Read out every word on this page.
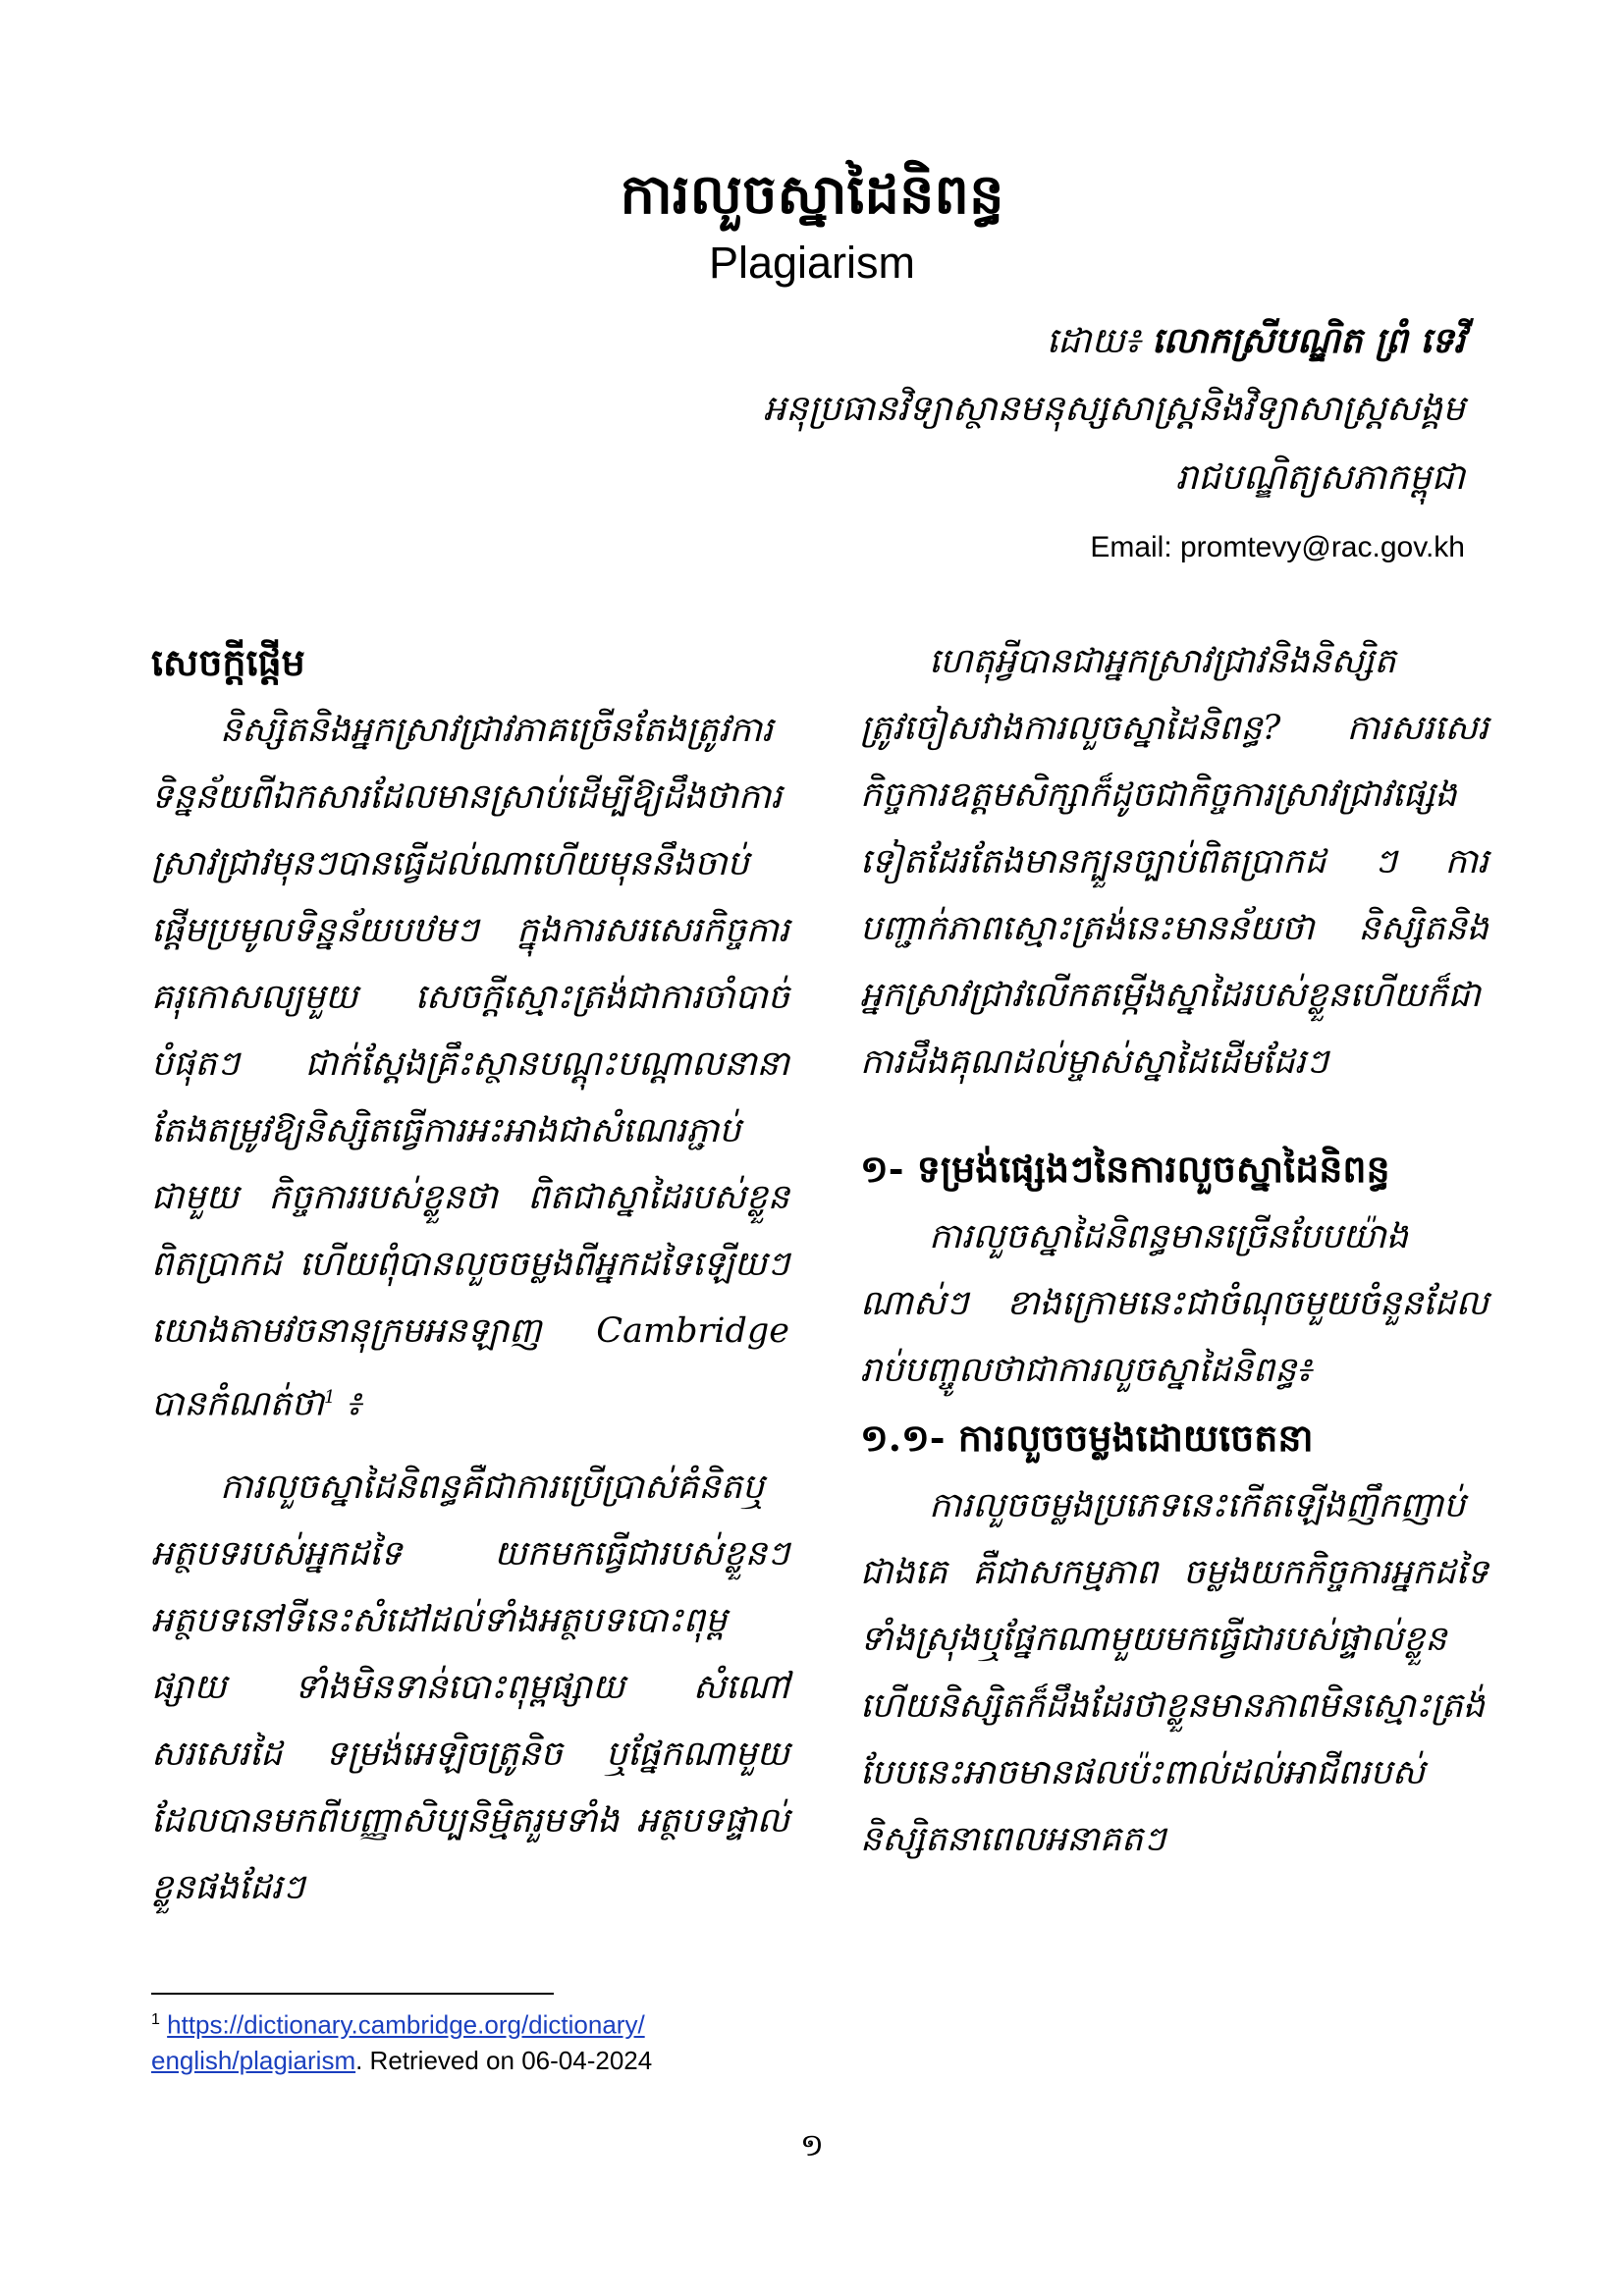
ការលួចស្នាដៃនិពន្ធ
Plagiarism
ដោយ៖ លោកស្រីបណ្ឌិត ព្រំ ទេវី
អនុប្រធានវិទ្យាស្ថានមនុស្សសាស្ត្រនិងវិទ្យាសាស្ត្រសង្គម
រាជបណ្ឌិត្យសភាកម្ពុជា
Email: promtevy@rac.gov.kh
សេចក្តីផ្តើម

និស្សិតនិងអ្នកស្រាវជ្រាវភាគច្រើនតែងត្រូវការទិន្នន័យពីឯកសារដែលមានស្រាប់ដើម្បីឱ្យដឹងថាការស្រាវជ្រាវមុនៗបានធ្វើដល់ណាហើយមុននឹងចាប់ផ្តើមប្រមូលទិន្នន័យបឋមៗ ក្នុងការសរសេរកិច្ចការគរុកោសល្យមួយ សេចក្តីស្មោះត្រង់ជាការចាំបាច់បំផុតៗ ជាក់ស្តែងគ្រឹះស្ថានបណ្តុះបណ្តាលនានា តែងតម្រូវឱ្យនិស្សិតធ្វើការអះអាងជាសំណេរភ្ជាប់ជាមួយ កិច្ចការរបស់ខ្លួនថា ពិតជាស្នាដៃរបស់ខ្លួនពិតប្រាកដ ហើយពុំបានលួចចម្លងពីអ្នកដទៃឡើយៗ យោងតាមវចនានុក្រមអនឡាញ Cambridge បានកំណត់ថា$^1$ ៖

ការលួចស្នាដៃនិពន្ធគឺជាការប្រើប្រាស់គំនិតឬអត្ថបទរបស់អ្នកដទៃ យកមកធ្វើជារបស់ខ្លួនៗ អត្ថបទនៅទីនេះសំដៅដល់ទាំងអត្ថបទបោះពុម្ពផ្សាយ ទាំងមិនទាន់បោះពុម្ពផ្សាយ សំណៅសរសេរដៃ ទម្រង់អេឡិចត្រូនិច ឬផ្នែកណាមួយដែលបានមកពីបញ្ញាសិប្បនិម្មិតរួមទាំង អត្ថបទផ្ទាល់ខ្លួនផងដែរៗ

ហេតុអ្វីបានជាអ្នកស្រាវជ្រាវនិងនិស្សិតត្រូវចៀសវាងការលួចស្នាដៃនិពន្ធ? ការសរសេរកិច្ចការឧត្តមសិក្សាក៏ដូចជាកិច្ចការស្រាវជ្រាវផ្សេងទៀតដែរតែងមានក្បួនច្បាប់ពិតប្រាកដ ៗ ការបញ្ជាក់ភាពស្មោះត្រង់នេះមានន័យថា និស្សិតនិងអ្នកស្រាវជ្រាវលើកតម្កើងស្នាដៃរបស់ខ្លួនហើយក៏ជាការដឹងគុណដល់ម្ចាស់ស្នាដៃដើមដែរៗ

១- ទម្រង់ផ្សេងៗនៃការលួចស្នាដៃនិពន្ធ

ការលួចស្នាដៃនិពន្ធមានច្រើនបែបយ៉ាងណាស់ៗ ខាងក្រោមនេះជាចំណុចមួយចំនួនដែលរាប់បញ្ចូលថាជាការលួចស្នាដៃនិពន្ធ៖

១.១- ការលួចចម្លងដោយចេតនា

ការលួចចម្លងប្រភេទនេះកើតឡើងញឹកញាប់ជាងគេ គឺជាសកម្មភាព ចម្លងយកកិច្ចការអ្នកដទៃទាំងស្រុងឬផ្នែកណាមួយមកធ្វើជារបស់ផ្ទាល់ខ្លួនហើយនិស្សិតក៏ដឹងដែរថាខ្លួនមានភាពមិនស្មោះត្រង់បែបនេះអាចមានផលប៉ះពាល់ដល់អាជីពរបស់និស្សិតនាពេលអនាគតៗ

$^1$ https://dictionary.cambridge.org/dictionary/
english/plagiarism. Retrieved on 06-04-2024
១
